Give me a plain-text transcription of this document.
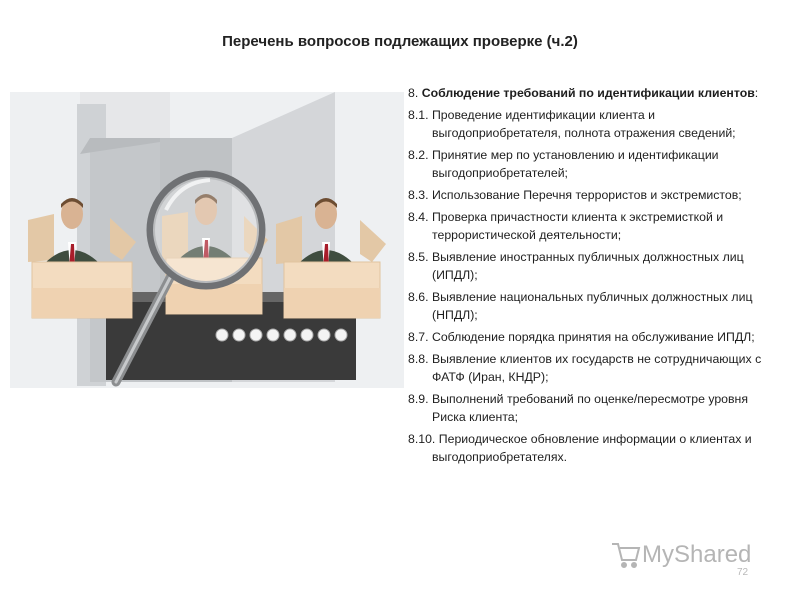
Перечень вопросов подлежащих проверке (ч.2)
8. Соблюдение требований по идентификации клиентов:
8.1. Проведение идентификации клиента и выгодоприобретателя, полнота отражения сведений;
8.2. Принятие мер по установлению и идентификации выгодоприобретателей;
8.3. Использование Перечня террористов и экстремистов;
8.4. Проверка причастности клиента к экстремисткой и террористической деятельности;
8.5. Выявление иностранных публичных должностных лиц (ИПДЛ);
8.6. Выявление национальных публичных должностных лиц (НПДЛ);
8.7. Соблюдение порядка принятия на обслуживание ИПДЛ;
8.8. Выявление клиентов их государств не сотрудничающих с ФАТФ (Иран, КНДР);
8.9. Выполнений требований по оценке/пересмотре уровня Риска клиента;
8.10. Периодическое обновление информации о клиентах и выгодоприобретателях.
MyShared
72
